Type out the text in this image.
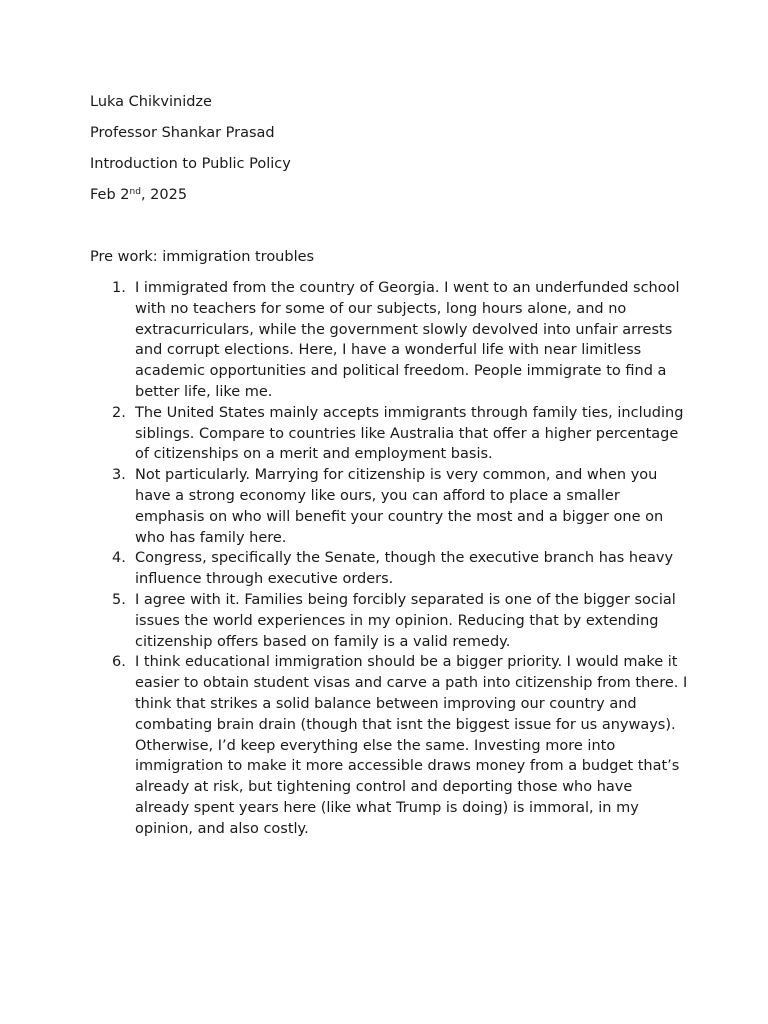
Luka Chikvinidze
Professor Shankar Prasad
Introduction to Public Policy
Feb 2nd, 2025
Pre work: immigration troubles
1. I immigrated from the country of Georgia. I went to an underfunded school with no teachers for some of our subjects, long hours alone, and no extracurriculars, while the government slowly devolved into unfair arrests and corrupt elections. Here, I have a wonderful life with near limitless academic opportunities and political freedom. People immigrate to find a better life, like me.
2. The United States mainly accepts immigrants through family ties, including siblings. Compare to countries like Australia that offer a higher percentage of citizenships on a merit and employment basis.
3. Not particularly. Marrying for citizenship is very common, and when you have a strong economy like ours, you can afford to place a smaller emphasis on who will benefit your country the most and a bigger one on who has family here.
4. Congress, specifically the Senate, though the executive branch has heavy influence through executive orders.
5. I agree with it. Families being forcibly separated is one of the bigger social issues the world experiences in my opinion. Reducing that by extending citizenship offers based on family is a valid remedy.
6. I think educational immigration should be a bigger priority. I would make it easier to obtain student visas and carve a path into citizenship from there. I think that strikes a solid balance between improving our country and combating brain drain (though that isnt the biggest issue for us anyways). Otherwise, I’d keep everything else the same. Investing more into immigration to make it more accessible draws money from a budget that’s already at risk, but tightening control and deporting those who have already spent years here (like what Trump is doing) is immoral, in my opinion, and also costly.
